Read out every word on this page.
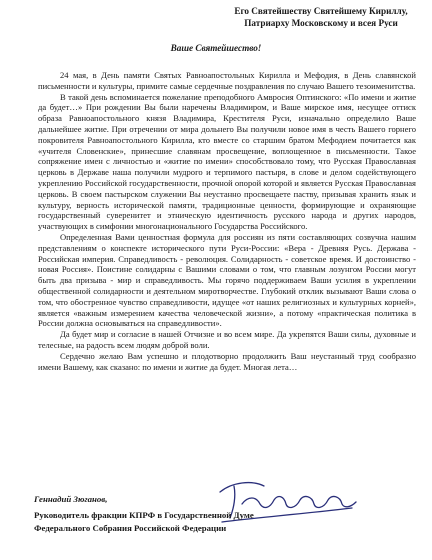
Его Святейшеству Святейшему Кириллу,
Патриарху Московскому и всея Руси
Ваше Святейшество!

24 мая, в День памяти Святых Равноапостольных Кирилла и Мефодия, в День славянской письменности и культуры, примите самые сердечные поздравления по случаю Вашего тезоименитства.

В такой день вспоминается пожелание преподобного Амвросия Оптинского: «По имени и житие да будет…» При рождении Вы были наречены Владимиром, и Ваше мирское имя, несущее оттиск образа Равноапостольного князя Владимира, Крестителя Руси, изначально определило Ваше дальнейшее житие. При отречении от мира дольнего Вы получили новое имя в честь Вашего горнего покровителя Равноапостольного Кирилла, кто вместе со старшим братом Мефодием почитается как «учителя Словенские», принесшие славянам просвещение, воплощенное в письменности. Такое сопряжение имен с личностью и «житие по имени» способствовало тому, что Русская Православная церковь в Державе наша получили мудрого и терпимого пастыря, в слове и делом содействующего укреплению Российской государственности, прочной опорой которой и является Русская Православная церковь. В своем пастырском служении Вы неустанно просвещаете паству, призывая хранить язык и культуру, верность исторической памяти, традиционные ценности, формирующие и охраняющие государственный суверенитет и этническую идентичность русского народа и других народов, участвующих в симфонии многонационального Государства Российского.

Определенная Вами ценностная формула для россиян из пяти составляющих созвучна нашим представлениям о конспекте исторического пути Руси-России: «Вера - Древняя Русь. Держава - Российская империя. Справедливость - революция. Солидарность - советское время. И достоинство - новая Россия». Поистине солидарны с Вашими словами о том, что главным лозунгом России могут быть два призыва - мир и справедливость. Мы горячо поддерживаем Ваши усилия в укреплении общественной солидарности и деятельном миротворчестве. Глубокий отклик вызывают Ваши слова о том, что обостренное чувство справедливости, идущее «от наших религиозных и культурных корней», является «важным измерением качества человеческой жизни», а потому «практическая политика в России должна основываться на справедливости».

Да будет мир и согласие в нашей Отчизне и во всем мире. Да укрепятся Ваши силы, духовные и телесные, на радость всем людям доброй воли.

Сердечно желаю Вам успешно и плодотворно продолжить Ваш неустанный труд сообразно имени Вашему, как сказано: по имени и житие да будет. Многая лета…

Геннадий Зюганов,
Руководитель фракции КПРФ в Государственной Думе
Федерального Собрания Российской Федерации
